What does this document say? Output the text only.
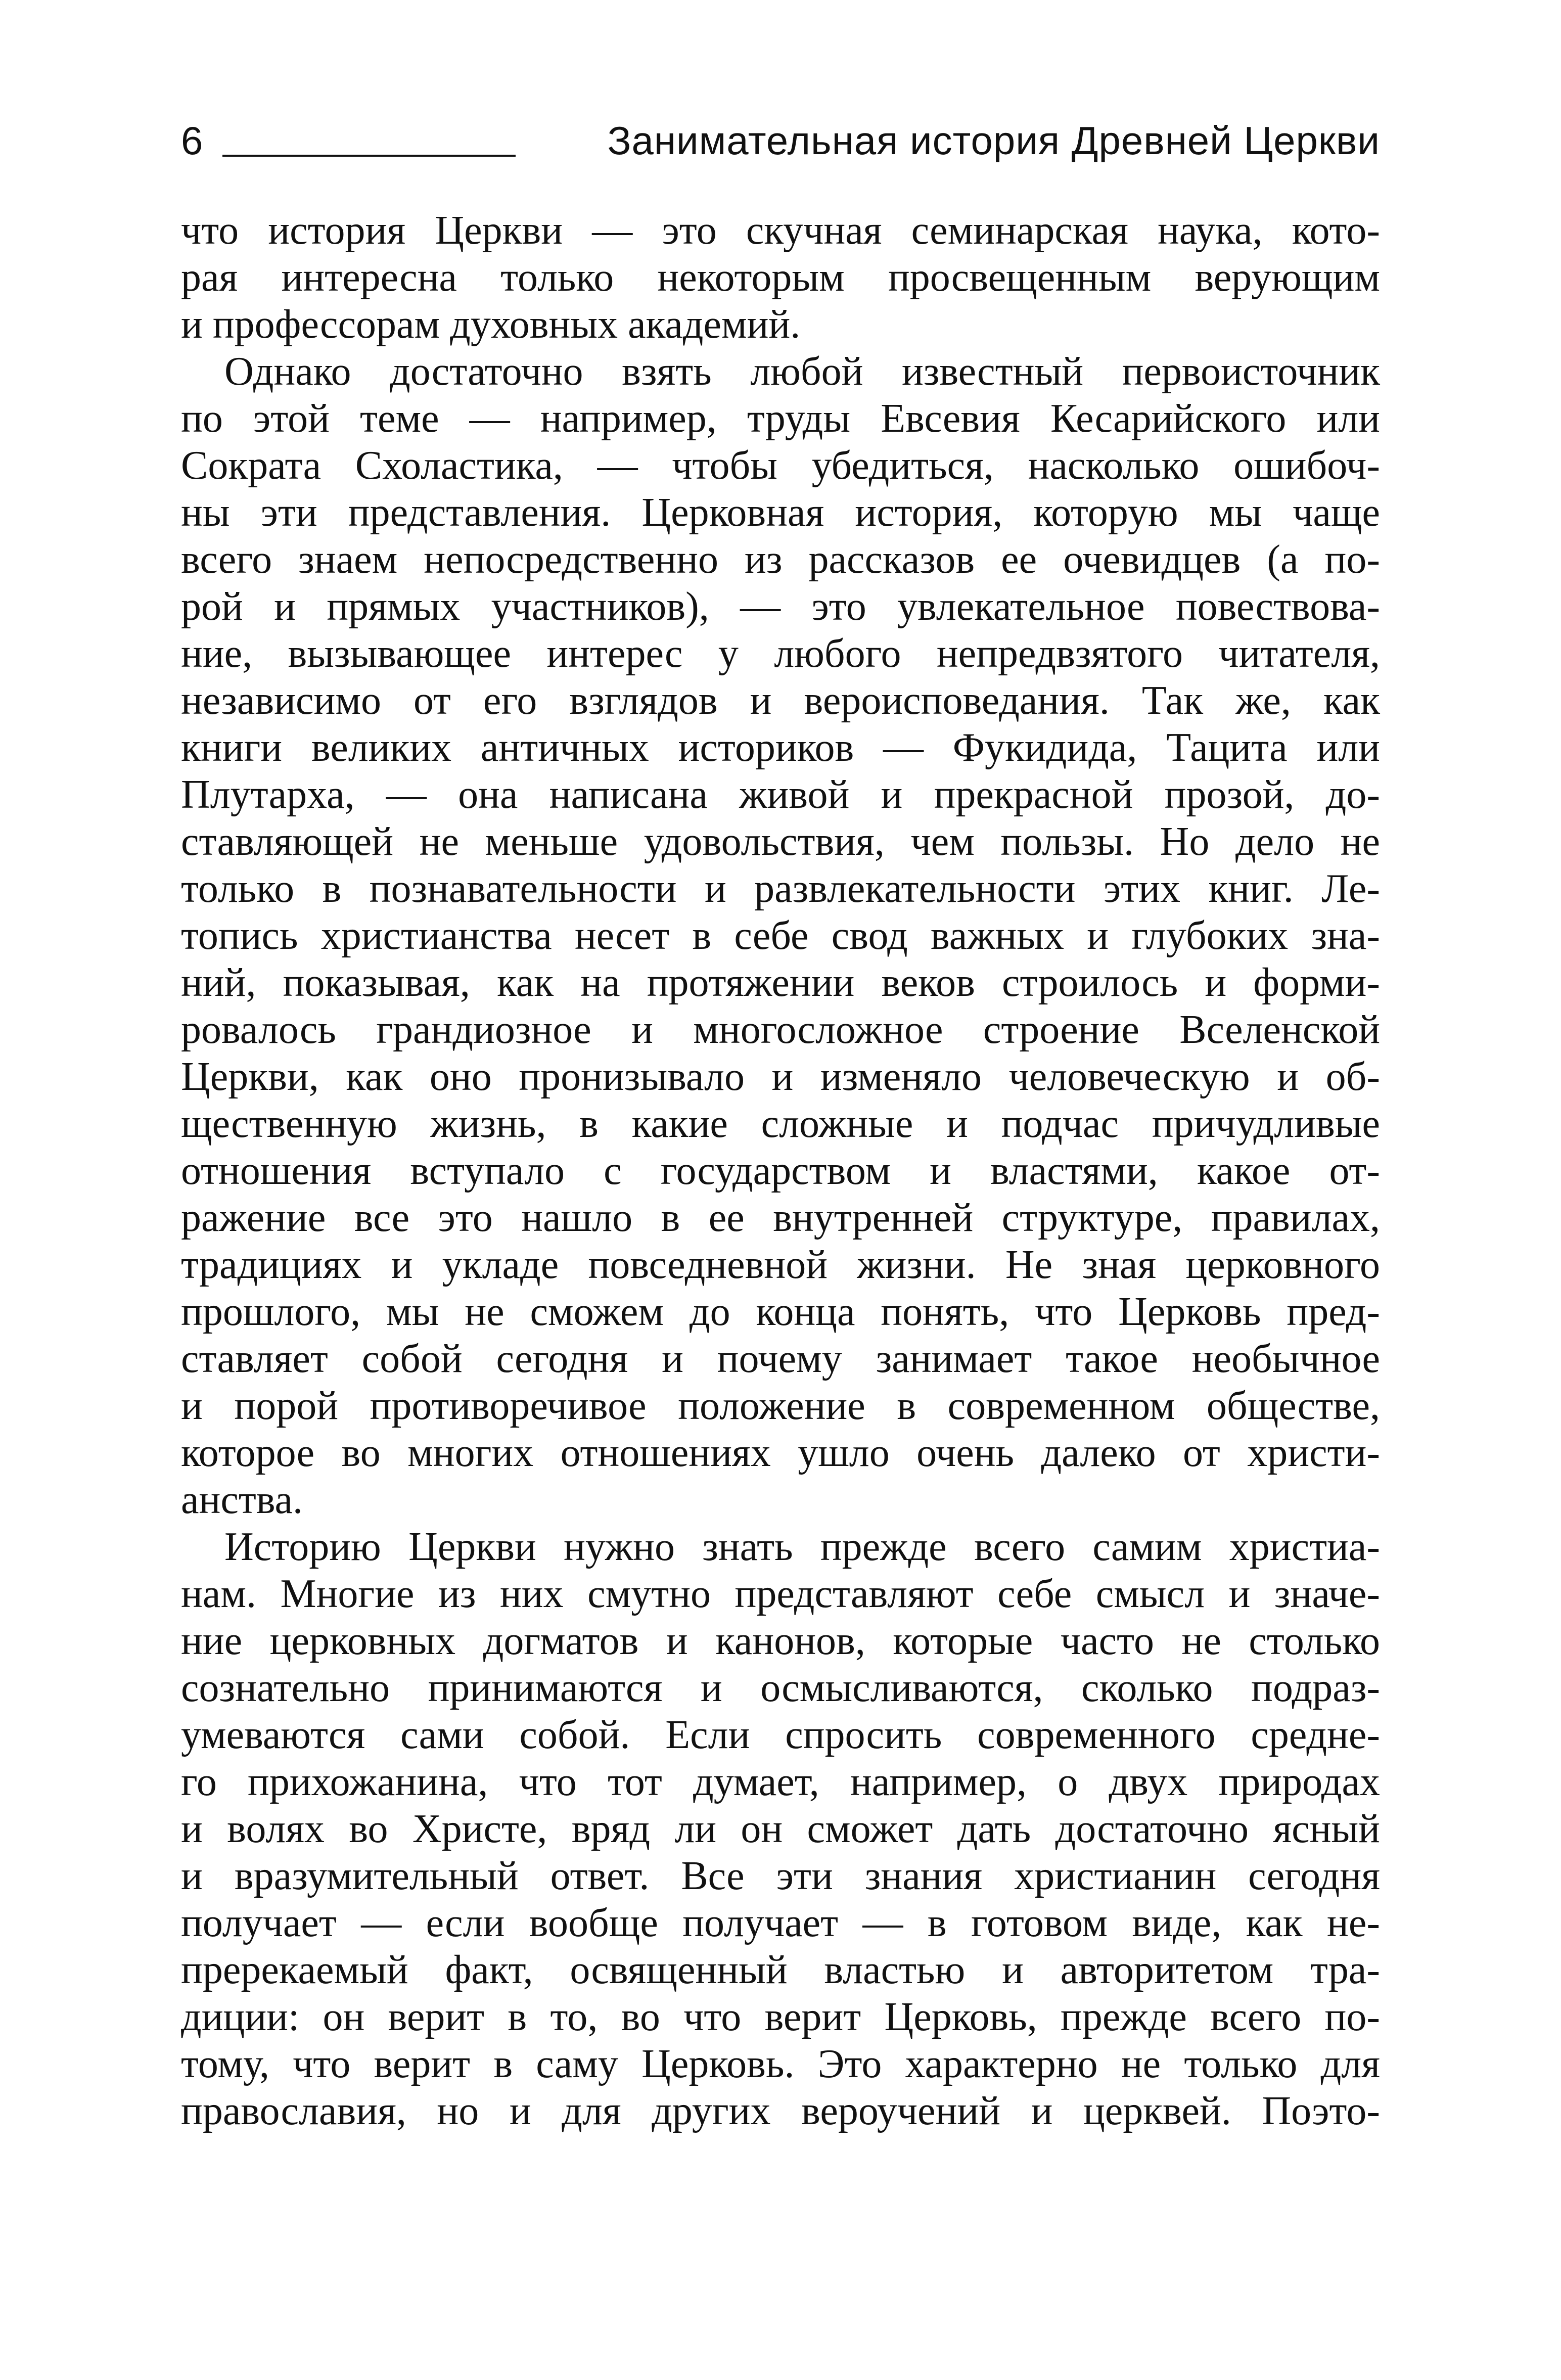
6	Занимательная история Древней Церкви
что история Церкви — это скучная семинарская наука, кото-
рая интересна только некоторым просвещенным верующим
и профессорам духовных академий.
Однако достаточно взять любой известный первоисточник
по этой теме — например, труды Евсевия Кесарийского или
Сократа Схоластика, — чтобы убедиться, насколько ошибоч-
ны эти представления. Церковная история, которую мы чаще
всего знаем непосредственно из рассказов ее очевидцев (а по-
рой и прямых участников), — это увлекательное повествова-
ние, вызывающее интерес у любого непредвзятого читателя,
независимо от его взглядов и вероисповедания. Так же, как
книги великих античных историков — Фукидида, Тацита или
Плутарха, — она написана живой и прекрасной прозой, до-
ставляющей не меньше удовольствия, чем пользы. Но дело не
только в познавательности и развлекательности этих книг. Ле-
топись христианства несет в себе свод важных и глубоких зна-
ний, показывая, как на протяжении веков строилось и форми-
ровалось грандиозное и многосложное строение Вселенской
Церкви, как оно пронизывало и изменяло человеческую и об-
щественную жизнь, в какие сложные и подчас причудливые
отношения вступало с государством и властями, какое от-
ражение все это нашло в ее внутренней структуре, правилах,
традициях и укладе повседневной жизни. Не зная церковного
прошлого, мы не сможем до конца понять, что Церковь пред-
ставляет собой сегодня и почему занимает такое необычное
и порой противоречивое положение в современном обществе,
которое во многих отношениях ушло очень далеко от христи-
анства.
Историю Церкви нужно знать прежде всего самим христиа-
нам. Многие из них смутно представляют себе смысл и значе-
ние церковных догматов и канонов, которые часто не столько
сознательно принимаются и осмысливаются, сколько подраз-
умеваются сами собой. Если спросить современного средне-
го прихожанина, что тот думает, например, о двух природах
и волях во Христе, вряд ли он сможет дать достаточно ясный
и вразумительный ответ. Все эти знания христианин сегодня
получает — если вообще получает — в готовом виде, как не-
пререкаемый факт, освященный властью и авторитетом тра-
диции: он верит в то, во что верит Церковь, прежде всего по-
тому, что верит в саму Церковь. Это характерно не только для
православия, но и для других вероучений и церквей. Поэто-
